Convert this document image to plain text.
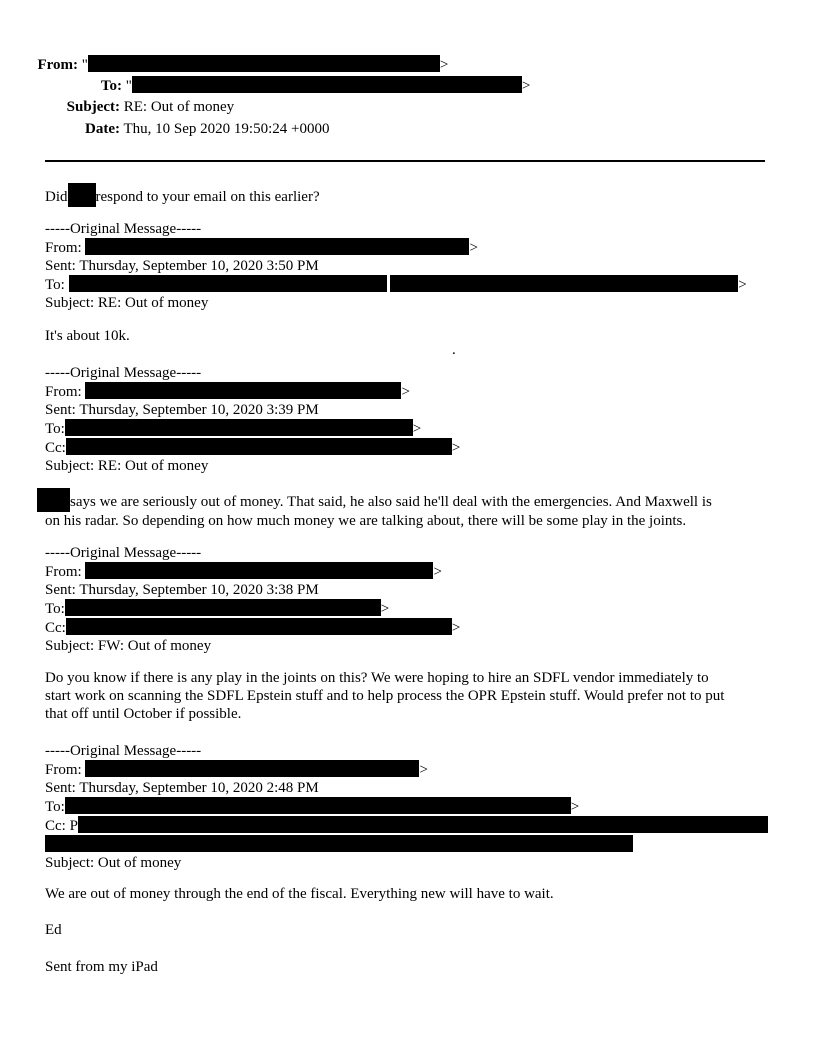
From: "	>
To: "	>
Subject: RE: Out of money
Date: Thu, 10 Sep 2020 19:50:24 +0000
Did respond to your email on this earlier?
-----Original Message-----
From:	>
Sent: Thursday, September 10, 2020 3:50 PM
To:	>
Subject: RE: Out of money
It's about 10k.
.
-----Original Message-----
From:	>
Sent: Thursday, September 10, 2020 3:39 PM
To:	>
Cc:	>
Subject: RE: Out of money
says we are seriously out of money. That said, he also said he'll deal with the emergencies. And Maxwell is
on his radar. So depending on how much money we are talking about, there will be some play in the joints.
-----Original Message-----
From:	>
Sent: Thursday, September 10, 2020 3:38 PM
To:	>
Cc:	>
Subject: FW: Out of money
Do you know if there is any play in the joints on this? We were hoping to hire an SDFL vendor immediately to
start work on scanning the SDFL Epstein stuff and to help process the OPR Epstein stuff. Would prefer not to put
that off until October if possible.
-----Original Message-----
From:	>
Sent: Thursday, September 10, 2020 2:48 PM
To:	>
Cc: P
Subject: Out of money
We are out of money through the end of the fiscal. Everything new will have to wait.
Ed
Sent from my iPad
